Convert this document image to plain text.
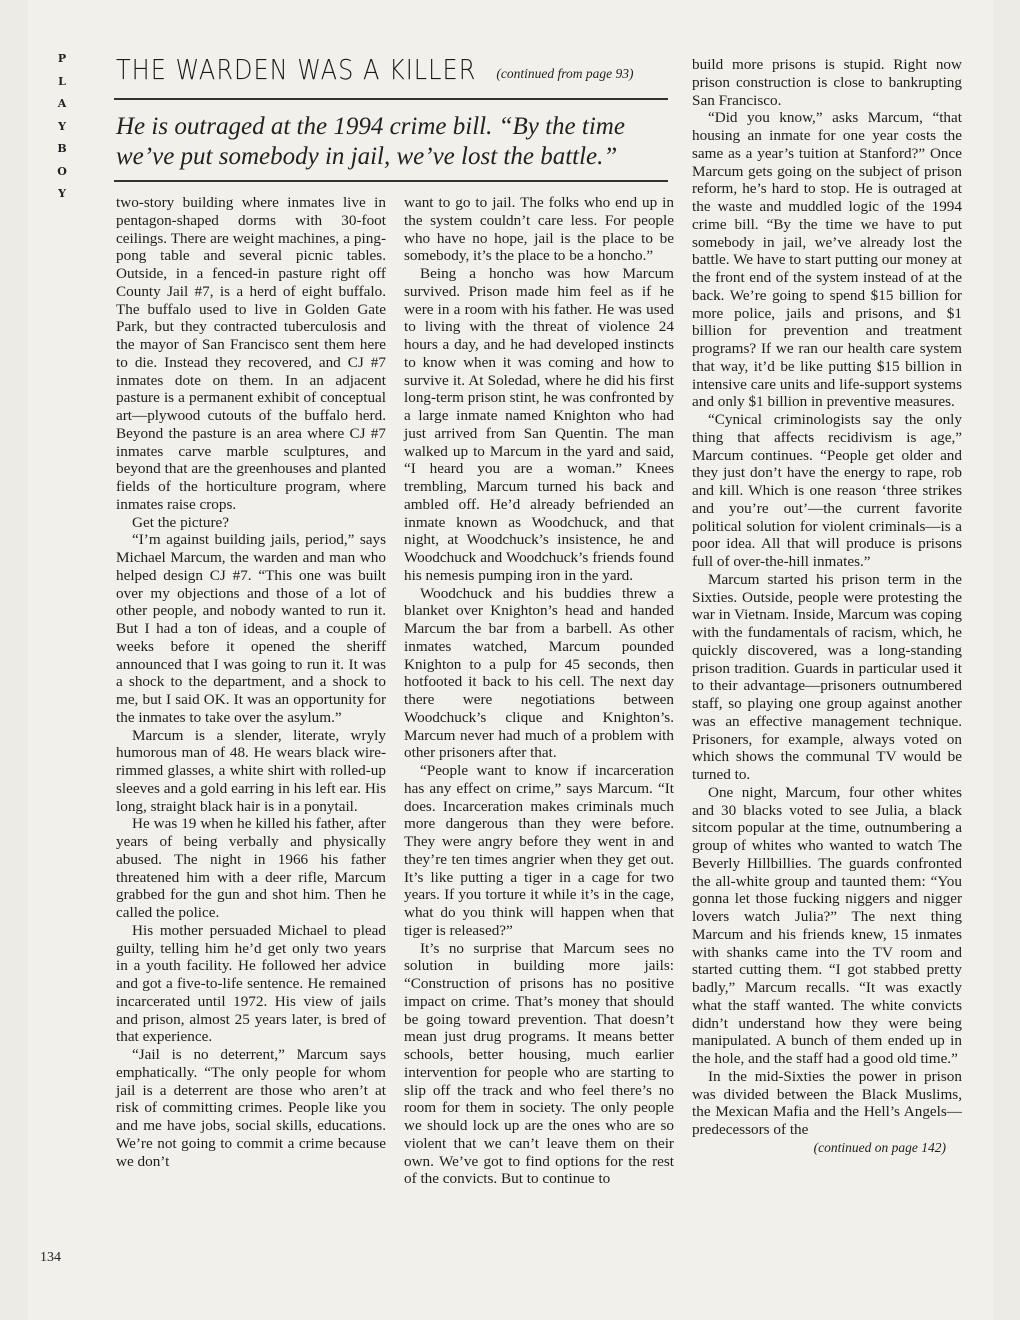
P
L
A
Y
B
O
Y
THE WARDEN WAS A KILLER (continued from page 93)

He is outraged at the 1994 crime bill. “By the time we’ve put somebody in jail, we’ve lost the battle.”

two-story building where inmates live in pentagon-shaped dorms with 30-foot ceilings. There are weight machines, a ping-pong table and several picnic tables. Outside, in a fenced-in pasture right off County Jail #7, is a herd of eight buffalo. The buffalo used to live in Golden Gate Park, but they contracted tuberculosis and the mayor of San Francisco sent them here to die. Instead they recovered, and CJ #7 inmates dote on them. In an adjacent pasture is a permanent exhibit of conceptual art—plywood cutouts of the buffalo herd. Beyond the pasture is an area where CJ #7 inmates carve marble sculptures, and beyond that are the greenhouses and planted fields of the horticulture program, where inmates raise crops.

Get the picture?

“I’m against building jails, period,” says Michael Marcum, the warden and man who helped design CJ #7. “This one was built over my objections and those of a lot of other people, and nobody wanted to run it. But I had a ton of ideas, and a couple of weeks before it opened the sheriff announced that I was going to run it. It was a shock to the department, and a shock to me, but I said OK. It was an opportunity for the inmates to take over the asylum.”

Marcum is a slender, literate, wryly humorous man of 48. He wears black wire-rimmed glasses, a white shirt with rolled-up sleeves and a gold earring in his left ear. His long, straight black hair is in a ponytail.

He was 19 when he killed his father, after years of being verbally and physically abused. The night in 1966 his father threatened him with a deer rifle, Marcum grabbed for the gun and shot him. Then he called the police.

His mother persuaded Michael to plead guilty, telling him he’d get only two years in a youth facility. He followed her advice and got a five-to-life sentence. He remained incarcerated until 1972. His view of jails and prison, almost 25 years later, is bred of that experience.

“Jail is no deterrent,” Marcum says emphatically. “The only people for whom jail is a deterrent are those who aren’t at risk of committing crimes. People like you and me have jobs, social skills, educations. We’re not going to commit a crime because we don’t

want to go to jail. The folks who end up in the system couldn’t care less. For people who have no hope, jail is the place to be somebody, it’s the place to be a honcho.”

Being a honcho was how Marcum survived. Prison made him feel as if he were in a room with his father. He was used to living with the threat of violence 24 hours a day, and he had developed instincts to know when it was coming and how to survive it. At Soledad, where he did his first long-term prison stint, he was confronted by a large inmate named Knighton who had just arrived from San Quentin. The man walked up to Marcum in the yard and said, “I heard you are a woman.” Knees trembling, Marcum turned his back and ambled off. He’d already befriended an inmate known as Woodchuck, and that night, at Woodchuck’s insistence, he and Woodchuck and Woodchuck’s friends found his nemesis pumping iron in the yard.

Woodchuck and his buddies threw a blanket over Knighton’s head and handed Marcum the bar from a barbell. As other inmates watched, Marcum pounded Knighton to a pulp for 45 seconds, then hotfooted it back to his cell. The next day there were negotiations between Woodchuck’s clique and Knighton’s. Marcum never had much of a problem with other prisoners after that.

“People want to know if incarceration has any effect on crime,” says Marcum. “It does. Incarceration makes criminals much more dangerous than they were before. They were angry before they went in and they’re ten times angrier when they get out. It’s like putting a tiger in a cage for two years. If you torture it while it’s in the cage, what do you think will happen when that tiger is released?”

It’s no surprise that Marcum sees no solution in building more jails: “Construction of prisons has no positive impact on crime. That’s money that should be going toward prevention. That doesn’t mean just drug programs. It means better schools, better housing, much earlier intervention for people who are starting to slip off the track and who feel there’s no room for them in society. The only people we should lock up are the ones who are so violent that we can’t leave them on their own. We’ve got to find options for the rest of the convicts. But to continue to

build more prisons is stupid. Right now prison construction is close to bankrupting San Francisco.

“Did you know,” asks Marcum, “that housing an inmate for one year costs the same as a year’s tuition at Stanford?” Once Marcum gets going on the subject of prison reform, he’s hard to stop. He is outraged at the waste and muddled logic of the 1994 crime bill. “By the time we have to put somebody in jail, we’ve already lost the battle. We have to start putting our money at the front end of the system instead of at the back. We’re going to spend $15 billion for more police, jails and prisons, and $1 billion for prevention and treatment programs? If we ran our health care system that way, it’d be like putting $15 billion in intensive care units and life-support systems and only $1 billion in preventive measures.

“Cynical criminologists say the only thing that affects recidivism is age,” Marcum continues. “People get older and they just don’t have the energy to rape, rob and kill. Which is one reason ‘three strikes and you’re out’—the current favorite political solution for violent criminals—is a poor idea. All that will produce is prisons full of over-the-hill inmates.”

Marcum started his prison term in the Sixties. Outside, people were protesting the war in Vietnam. Inside, Marcum was coping with the fundamentals of racism, which, he quickly discovered, was a long-standing prison tradition. Guards in particular used it to their advantage—prisoners outnumbered staff, so playing one group against another was an effective management technique. Prisoners, for example, always voted on which shows the communal TV would be turned to.

One night, Marcum, four other whites and 30 blacks voted to see Julia, a black sitcom popular at the time, outnumbering a group of whites who wanted to watch The Beverly Hillbillies. The guards confronted the all-white group and taunted them: “You gonna let those fucking niggers and nigger lovers watch Julia?” The next thing Marcum and his friends knew, 15 inmates with shanks came into the TV room and started cutting them. “I got stabbed pretty badly,” Marcum recalls. “It was exactly what the staff wanted. The white convicts didn’t understand how they were being manipulated. A bunch of them ended up in the hole, and the staff had a good old time.”

In the mid-Sixties the power in prison was divided between the Black Muslims, the Mexican Mafia and the Hell’s Angels—predecessors of the

(continued on page 142)

134
